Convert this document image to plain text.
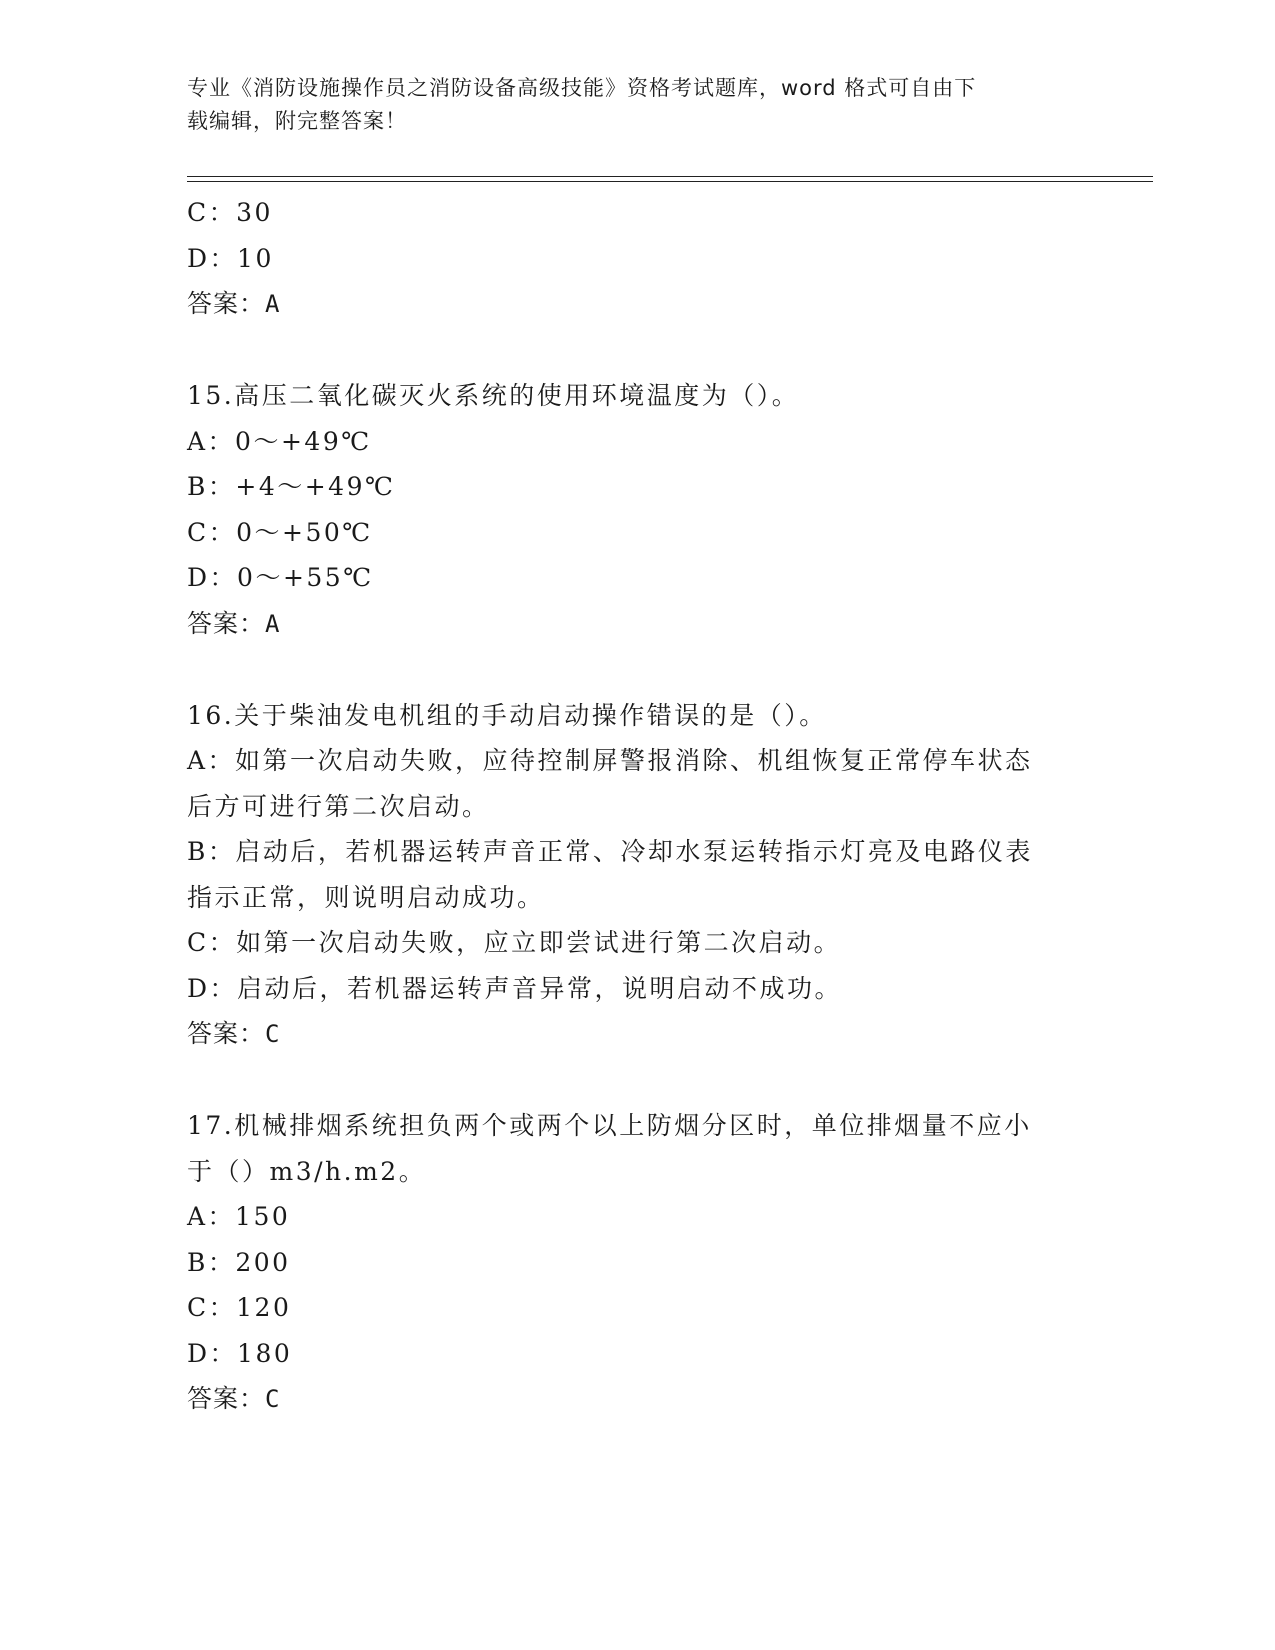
专业《消防设施操作员之消防设备高级技能》资格考试题库，word 格式可自由下
载编辑，附完整答案！
C：30
D：10
答案：A
15.高压二氧化碳灭火系统的使用环境温度为（）。
A：0～+49℃
B：+4～+49℃
C：0～+50℃
D：0～+55℃
答案：A
16.关于柴油发电机组的手动启动操作错误的是（）。
A：如第一次启动失败，应待控制屏警报消除、机组恢复正常停车状态
后方可进行第二次启动。
B：启动后，若机器运转声音正常、冷却水泵运转指示灯亮及电路仪表
指示正常，则说明启动成功。
C：如第一次启动失败，应立即尝试进行第二次启动。
D：启动后，若机器运转声音异常，说明启动不成功。
答案：C
17.机械排烟系统担负两个或两个以上防烟分区时，单位排烟量不应小
于（）m3/h.m2。
A：150
B：200
C：120
D：180
答案：C
